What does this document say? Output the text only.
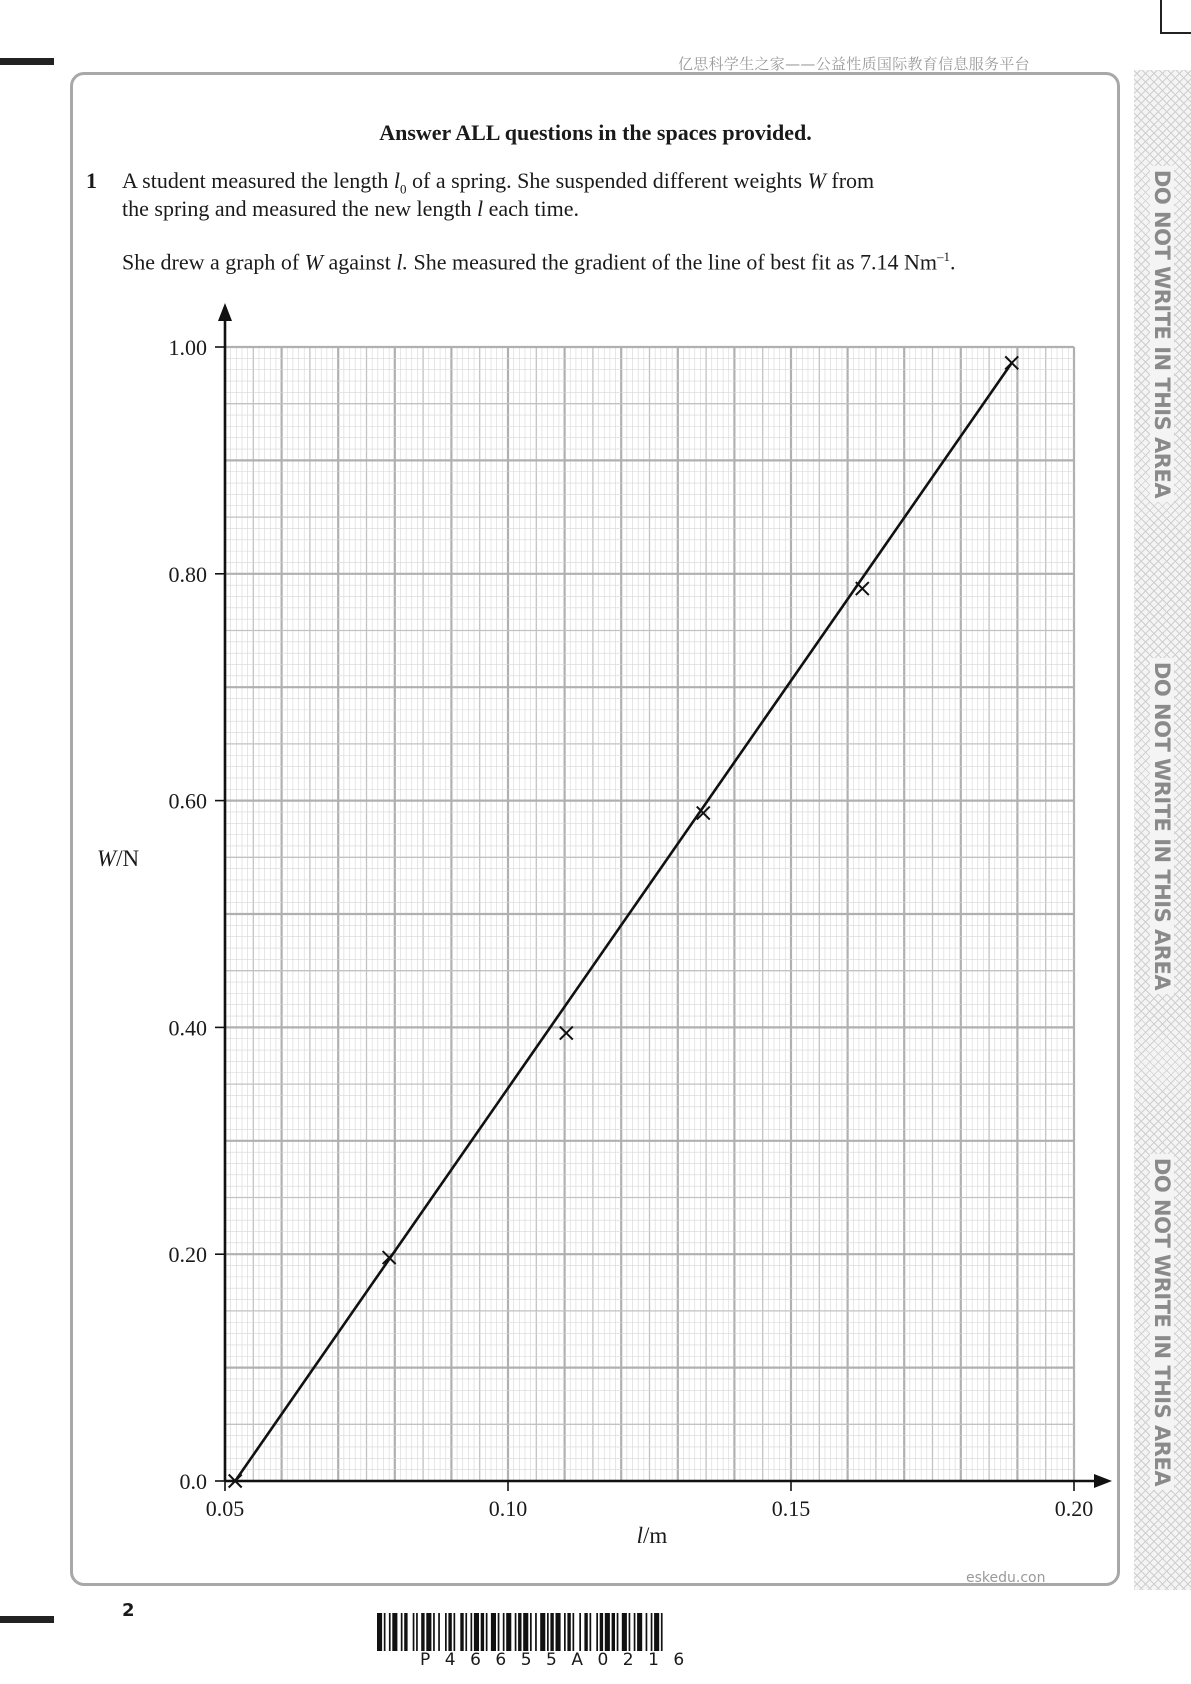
亿思科学生之家——公益性质国际教育信息服务平台
DO NOT WRITE IN THIS AREA
DO NOT WRITE IN THIS AREA
DO NOT WRITE IN THIS AREA
Answer ALL questions in the spaces provided.
1 A student measured the length $l_0$ of a spring. She suspended different weights W from
the spring and measured the new length l each time.
She drew a graph of W against l. She measured the gradient of the line of best fit as 7.14 $Nm^{-1}$.
0.0
0.20
0.40
0.60
0.80
1.00
0.05	0.10	0.15	0.20
l/m
W/N
2
eskedu.con
P46655A0216
